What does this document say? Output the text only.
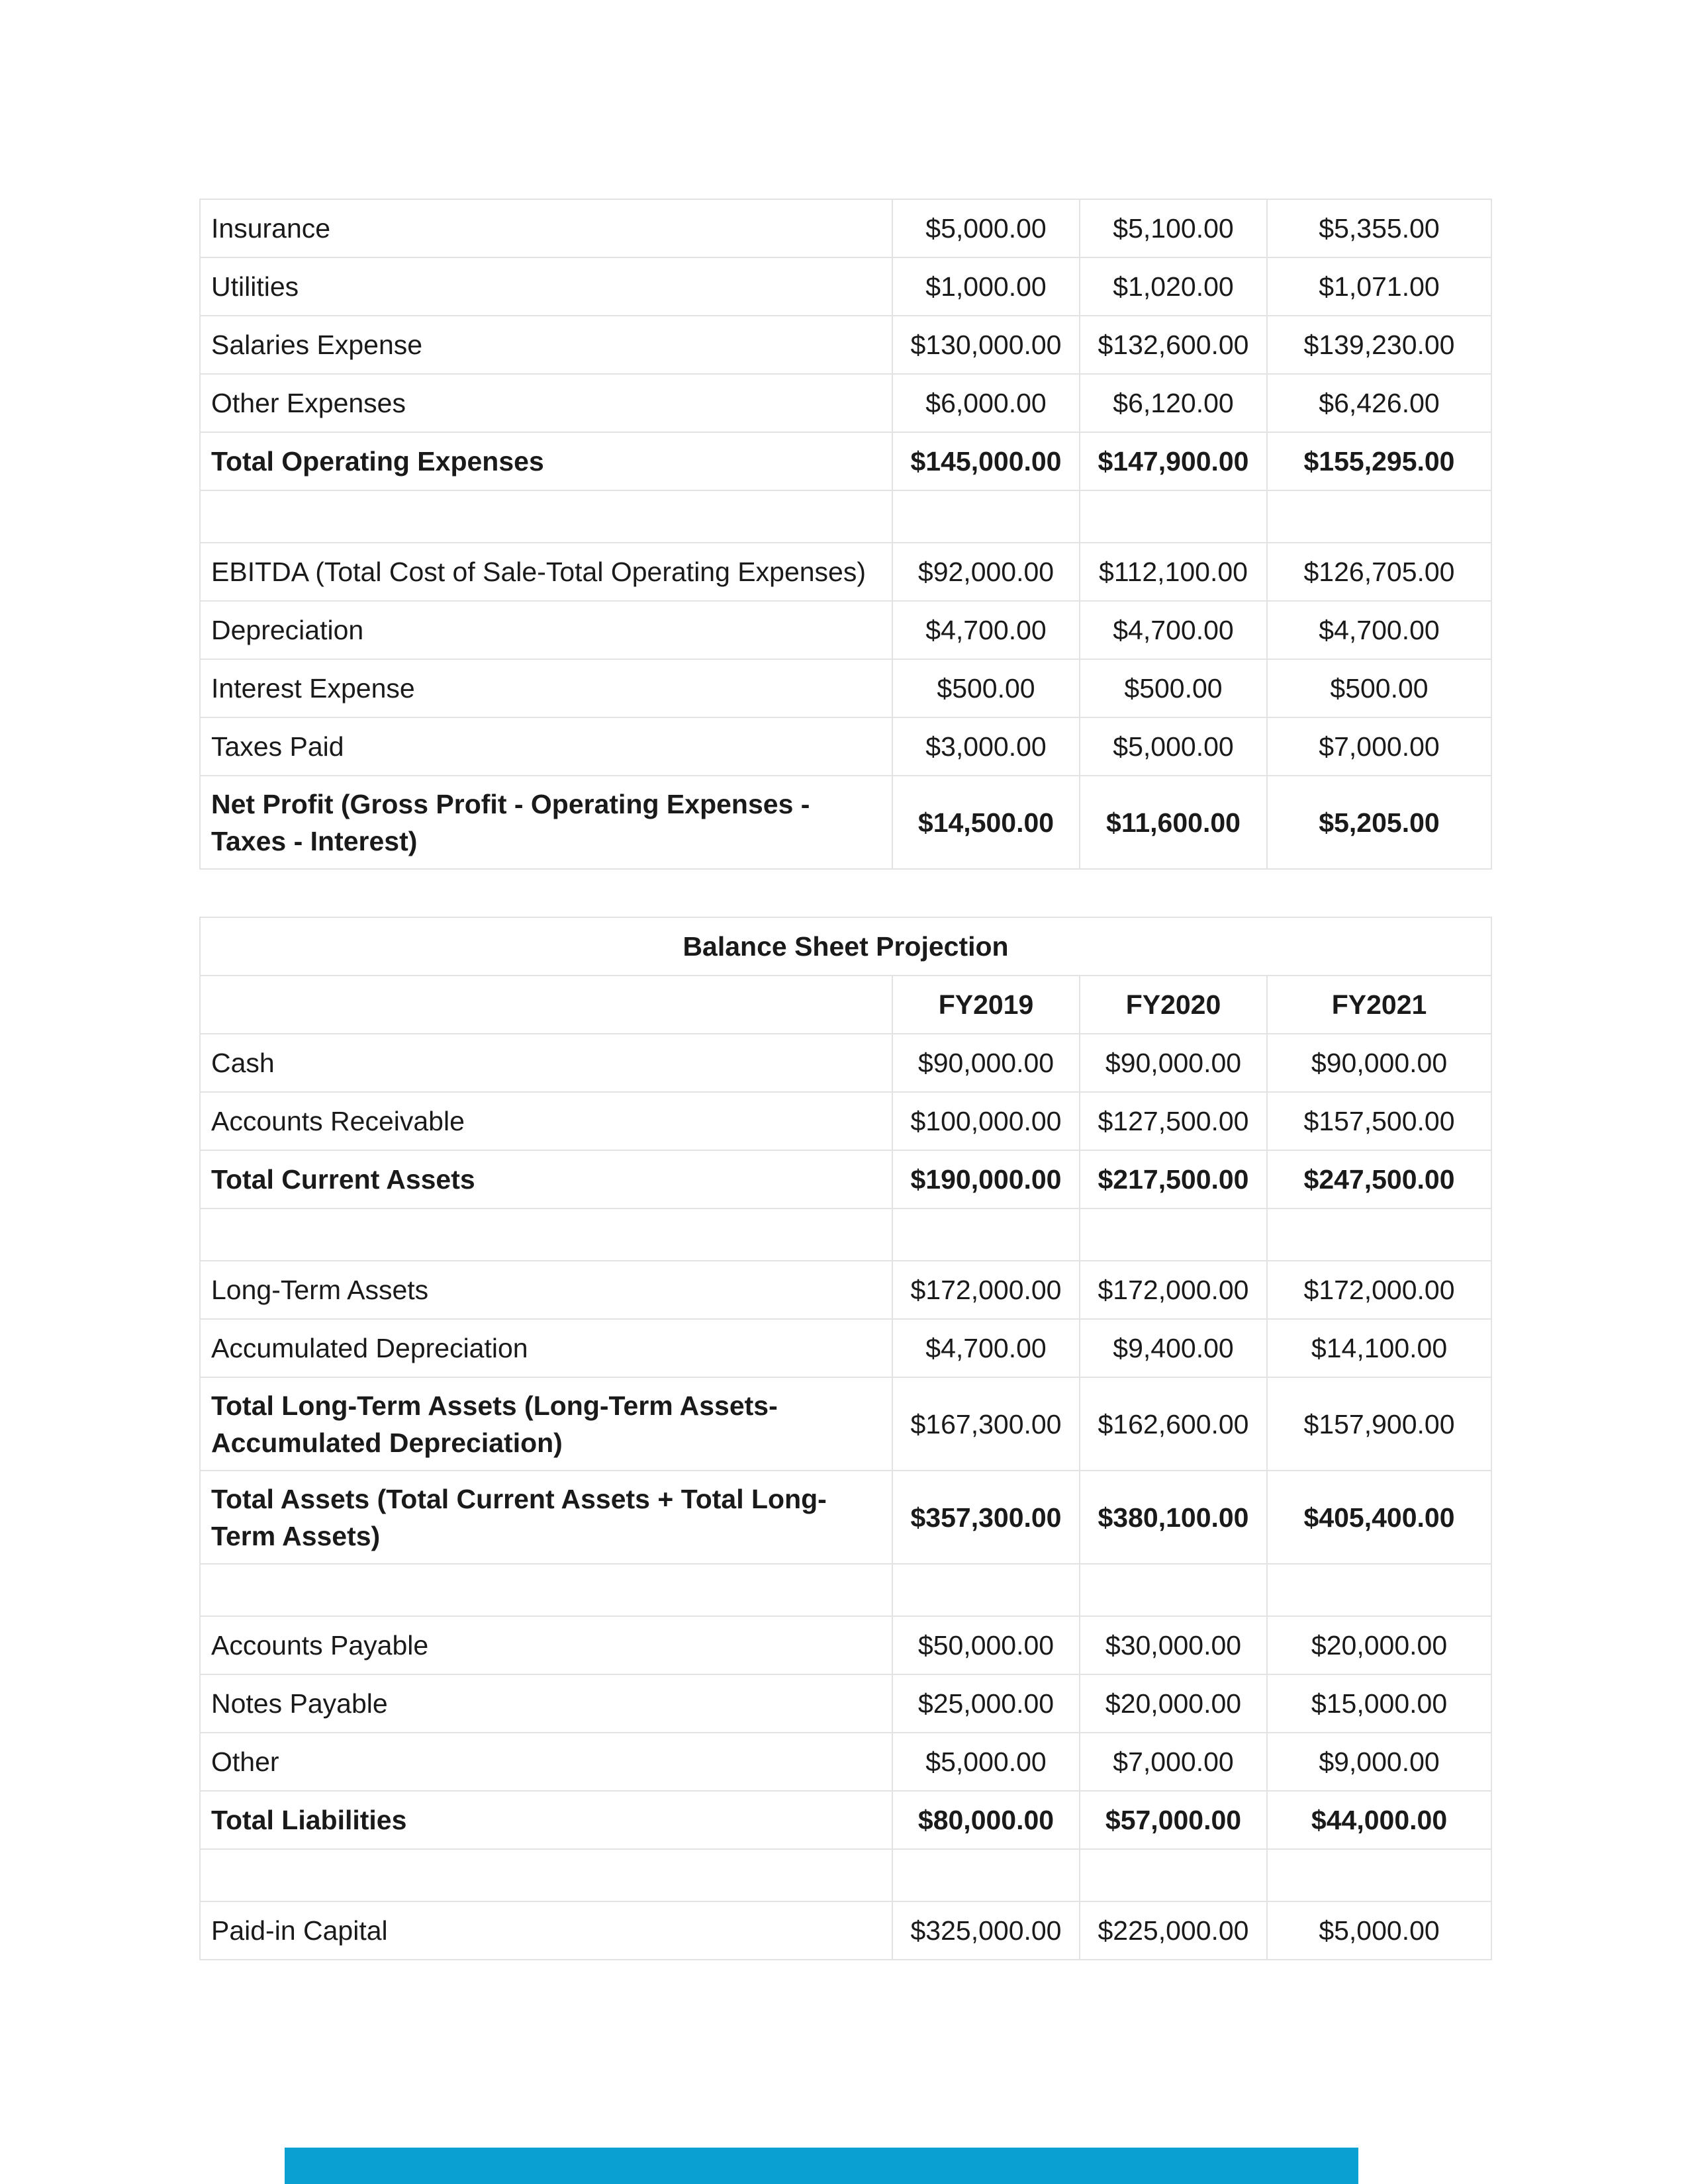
Insurance	$5,000.00	$5,100.00	$5,355.00
Utilities	$1,000.00	$1,020.00	$1,071.00
Salaries Expense	$130,000.00	$132,600.00	$139,230.00
Other Expenses	$6,000.00	$6,120.00	$6,426.00
Total Operating Expenses	$145,000.00	$147,900.00	$155,295.00

EBITDA (Total Cost of Sale-Total Operating Expenses)	$92,000.00	$112,100.00	$126,705.00
Depreciation	$4,700.00	$4,700.00	$4,700.00
Interest Expense	$500.00	$500.00	$500.00
Taxes Paid	$3,000.00	$5,000.00	$7,000.00
Net Profit (Gross Profit - Operating Expenses - Taxes - Interest)	$14,500.00	$11,600.00	$5,205.00
Balance Sheet Projection			
	FY2019	FY2020	FY2021
Cash	$90,000.00	$90,000.00	$90,000.00
Accounts Receivable	$100,000.00	$127,500.00	$157,500.00
Total Current Assets	$190,000.00	$217,500.00	$247,500.00

Long-Term Assets	$172,000.00	$172,000.00	$172,000.00
Accumulated Depreciation	$4,700.00	$9,400.00	$14,100.00
Total Long-Term Assets (Long-Term Assets-Accumulated Depreciation)	$167,300.00	$162,600.00	$157,900.00
Total Assets (Total Current Assets + Total Long-Term Assets)	$357,300.00	$380,100.00	$405,400.00

Accounts Payable	$50,000.00	$30,000.00	$20,000.00
Notes Payable	$25,000.00	$20,000.00	$15,000.00
Other	$5,000.00	$7,000.00	$9,000.00
Total Liabilities	$80,000.00	$57,000.00	$44,000.00

Paid-in Capital	$325,000.00	$225,000.00	$5,000.00
